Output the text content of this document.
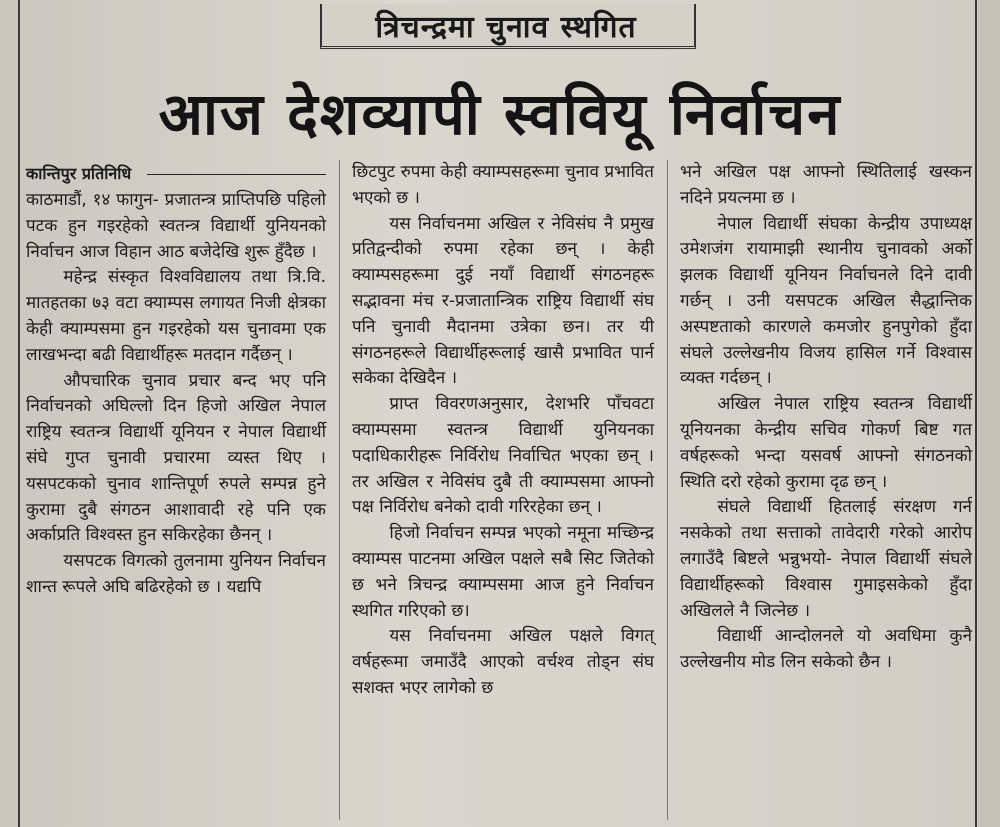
त्रिचन्द्रमा चुनाव स्थगित
आज देशव्यापी स्ववियू निर्वाचन
कान्तिपुर प्रतिनिधि

काठमाडौं, १४ फागुन- प्रजातन्त्र प्राप्तिपछि पहिलो पटक हुन गइरहेको स्वतन्त्र विद्यार्थी युनियनको निर्वाचन आज विहान आठ बजेदेखि शुरू हुँदैछ ।

महेन्द्र संस्कृत विश्वविद्यालय तथा त्रि.वि. मातहतका ७३ वटा क्याम्पस लगायत निजी क्षेत्रका केही क्याम्पसमा हुन गइरहेको यस चुनावमा एक लाखभन्दा बढी विद्यार्थीहरू मतदान गर्दैछन् ।

औपचारिक चुनाव प्रचार बन्द भए पनि निर्वाचनको अघिल्लो दिन हिजो अखिल नेपाल राष्ट्रिय स्वतन्त्र विद्यार्थी यूनियन र नेपाल विद्यार्थी संघे गुप्त चुनावी प्रचारमा व्यस्त थिए । यसपटकको चुनाव शान्तिपूर्ण रुपले सम्पन्न हुने कुरामा दुबै संगठन आशावादी रहे पनि एक अर्काप्रति विश्वस्त हुन सकिरहेका छैनन् ।

यसपटक विगत्को तुलनामा युनियन निर्वाचन शान्त रूपले अघि बढिरहेको छ । यद्यपि

छिटपुट रुपमा केही क्याम्पसहरूमा चुनाव प्रभावित भएको छ ।

यस निर्वाचनमा अखिल र नेविसंघ नै प्रमुख प्रतिद्वन्दीको रुपमा रहेका छन् । केही क्याम्पसहरूमा दुई नयाँ विद्यार्थी संगठनहरू सद्भावना मंच र-प्रजातान्त्रिक राष्ट्रिय विद्यार्थी संघ पनि चुनावी मैदानमा उत्रेका छन। तर यी संगठनहरूले विद्यार्थीहरूलाई खासै प्रभावित पार्न सकेका देखिदैन ।

प्राप्त विवरणअनुसार, देशभरि पाँचवटा क्याम्पसमा स्वतन्त्र विद्यार्थी युनियनका पदाधिकारीहरू निर्विरोध निर्वाचित भएका छन् । तर अखिल र नेविसंघ दुबै ती क्याम्पसमा आफ्नो पक्ष निर्विरोध बनेको दावी गरिरहेका छन् ।

हिजो निर्वाचन सम्पन्न भएको नमूना मच्छिन्द्र क्याम्पस पाटनमा अखिल पक्षले सबै सिट जितेको छ भने त्रिचन्द्र क्याम्पसमा आज हुने निर्वाचन स्थगित गरिएको छ।

यस निर्वाचनमा अखिल पक्षले विगत् वर्षहरूमा जमाउँदै आएको वर्चश्व तोड्न संघ सशक्त भएर लागेको छ

भने अखिल पक्ष आफ्नो स्थितिलाई खस्कन नदिने प्रयत्नमा छ ।

नेपाल विद्यार्थी संघका केन्द्रीय उपाध्यक्ष उमेशजंग रायामाझी स्थानीय चुनावको अर्को झलक विद्यार्थी यूनियन निर्वाचनले दिने दावी गर्छन् । उनी यसपटक अखिल सैद्धान्तिक अस्पष्टताको कारणले कमजोर हुनपुगेको हुँदा संघले उल्लेखनीय विजय हासिल गर्ने विश्वास व्यक्त गर्दछन् ।

अखिल नेपाल राष्ट्रिय स्वतन्त्र विद्यार्थी यूनियनका केन्द्रीय सचिव गोकर्ण बिष्ट गत वर्षहरूको भन्दा यसवर्ष आफ्नो संगठनको स्थिति दरो रहेको कुरामा दृढ छन् ।

संघले विद्यार्थी हितलाई संरक्षण गर्न नसकेको तथा सत्ताको तावेदारी गरेको आरोप लगाउँदै बिष्टले भन्नुभयो- नेपाल विद्यार्थी संघले विद्यार्थीहरूको विश्वास गुमाइसकेको हुँदा अखिलले नै जित्नेछ ।

विद्यार्थी आन्दोलनले यो अवधिमा कुनै उल्लेखनीय मोड लिन सकेको छैन ।
